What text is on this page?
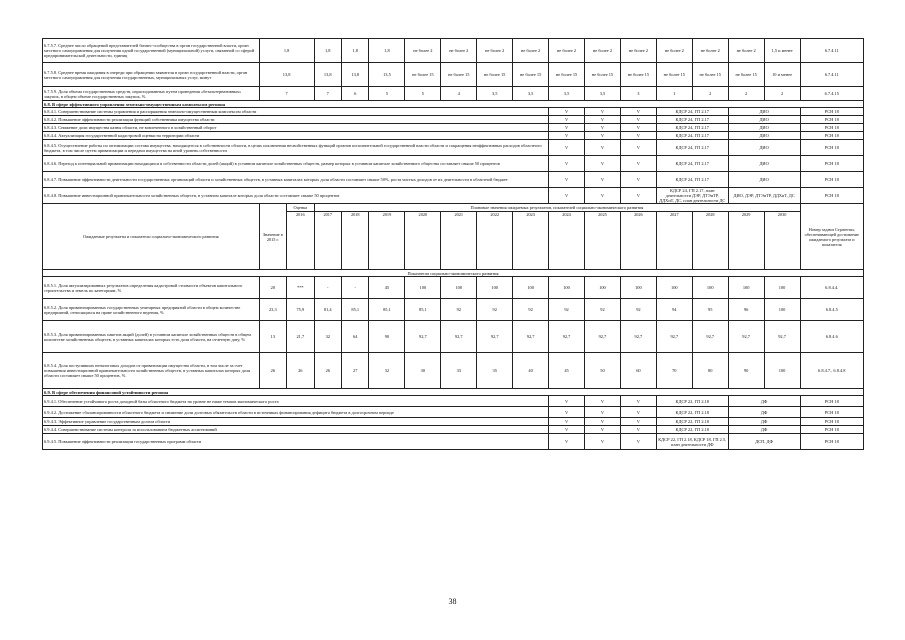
6.7.5.7. Среднее число обращений представителей бизнес-сообщества в орган государственной власти, орган местного самоуправления для получения одной государственной (муниципальной) услуги, связанной со сферой предпринимательской деятельности, единиц	1,8		1,8	1,8	1,8	не более 2	не более 2	не более 2	не более 2	не более 2	не более 2	не более 2	не более 2	не более 2	не более 2	1,5 и менее	6.7.4.11
6.7.5.8. Среднее время ожидания в очереди при обращении заявителя в орган государственной власти, орган местного самоуправления для получения государственных, муниципальных услуг, минут	13,8		13,8	13,8	13,5	не более 15	не более 15	не более 15	не более 15	не более 15	не более 15	не более 15	не более 15	не более 15	не более 15	10 и менее	6.7.4.11
6.7.5.9. Доля объема государственных средств, израсходованных путем проведения «безальтернативных» закупок, в общем объеме государственных закупок, %	7		7	6	5	5	4	3,5	3,5	3,5	3,5	3	1	2	2	2	6.7.4.15
6.8. В сфере эффективного управления земельно-имущественным комплексом региона																	
6.8.4.1. Совершенствование системы управления и распоряжения земельно-имущественным комплексом области										V	V	V	КДСР 24, ГП 2.17		ДИО		РСН 18
6.8.4.2. Повышение эффективности реализации функций собственника имущества области										V	V	V	КДСР 24, ГП 2.17		ДИО		РСН 18
6.8.4.3. Снижение доли имущества казны области, не вовлеченного в хозяйственный оборот										V	V	V	КДСР 24, ГП 2.17		ДИО		РСН 18
6.8.4.4. Актуализация государственной кадастровой оценки на территории области										V	V	V	КДСР 24, ГП 2.17		ДИО		РСН 18
6.8.4.5. Осуществление работы по оптимизации состава имущества, находящегося в собственности области, в целях исключения несвойственных функций органов исполнительной государственной власти области и сокращения неэффективных расходов областного бюджета, в том числе путем приватизации и передачи имущества на иной уровень собственности										V	V	V	КДСР 24, ГП 2.17		ДИО		РСН 18
6.8.4.6. Переход к потенциальной приватизации находящихся в собственности области долей (акций) в уставном капитале хозяйственных обществ, размер которых в уставном капитале хозяйственного общества составляет свыше 50 процентов										V	V	V	КДСР 24, ГП 2.17		ДИО		РСН 18
6.8.4.7. Повышение эффективности деятельности государственных организаций области и хозяйственных обществ, в уставных капиталах которых доля области составляет свыше 50%, роста чистых доходов от их деятельности в областной бюджет										V	V	V	КДСР 24, ГП 2.17		ДИО		РСН 18
6.8.4.8. Повышение инвестиционной привлекательности хозяйственных обществ, в уставном капитале которых доля области составляет свыше 50 процентов										V	V	V	КДСР 24, ГП 2.17, план деятельности ДЭР, ДТЭиТР, ДДХиТ, ДС, план деятельности ДС		ДИО, ДЭР, ДТЭиТР, ДДХиТ, ДС		РСН 18
Ожидаемые результаты и показатели социально-экономического развития	Значение в 2015 г.	Оценка	Плановые значения ожидаемых результатов, показателей социально-экономического развития														Номер задачи Стратегии, обеспечивающей достижение ожидаемого результата и показателя
		2016	2017	2018	2019	2020	2021	2022	2023	2024	2025	2026	2027	2028	2029	2030	
Показатели социально-экономического развития																	
6.8.5.1. Доля актуализированных результатов определения кадастровой стоимости объектов капитального строительства и земель по категориям, %	20	***	-	-	45	100	100	100	100	100	100	100	100	100	100	100	6.8.4.4.
6.8.5.2. Доля приватизированных государственных унитарных предприятий области в общем количестве предприятий, относящихся на праве хозяйственного ведения, %	23,3	75,9	81,4	85,1	85,1	85,1	92	92	92	92	92	92	94	95	96	100	6.8.4.5
6.8.5.3. Доля приватизированных пакетов акций (долей) в уставном капитале хозяйственных обществ в общем количестве хозяйственных обществ, в уставных капиталах которых есть доля области, на отчетную дату, %	13	21,7	32	64	90	92,7	92,7	92,7	92,7	92,7	92,7	92,7	92,7	92,7	92,7	92,7	6.8.4.6
6.8.5.4. Доля поступивших неналоговых доходов от приватизации имущества области, в том числе за счет повышения инвестиционной привлекательности хозяйственных обществ, в уставных капиталах которых доля области составляет свыше 50 процентов, %	26	26	26	27	32	30	33	35	40	45	50	60	70	80	90	100	6.8.4.7., 6.8.4.8
6.9. В сфере обеспечения финансовой устойчивости региона																	
6.9.4.1. Обеспечение устойчивого роста доходной базы областного бюджета на уровне не ниже темпов экономического роста										V	V	V	КДСР 22, ГП 2.18		ДФ		РСН 18
6.9.4.2. Достижение сбалансированности областного бюджета и снижение доли долговых обязательств области в источниках финансирования дефицита бюджета в долгосрочном периоде										V	V	V	КДСР 22, ГП 2.18		ДФ		РСН 18
6.9.4.3. Эффективное управление государственным долгом области										V	V	V	КДСР 22, ГП 2.18		ДФ		РСН 18
6.9.4.4. Совершенствование системы контроля за использованием бюджетных ассигнований										V	V	V	КДСР 22, ГП 2.18		ДФ		РСН 18
6.9.4.5. Повышение эффективности реализации государственных программ области										V	V	V	КДСР 22, ГП 2.18, КДСР 18, ГП 2.5, план деятельности ДФ		ДСП, ДФ		РСН 18
38
